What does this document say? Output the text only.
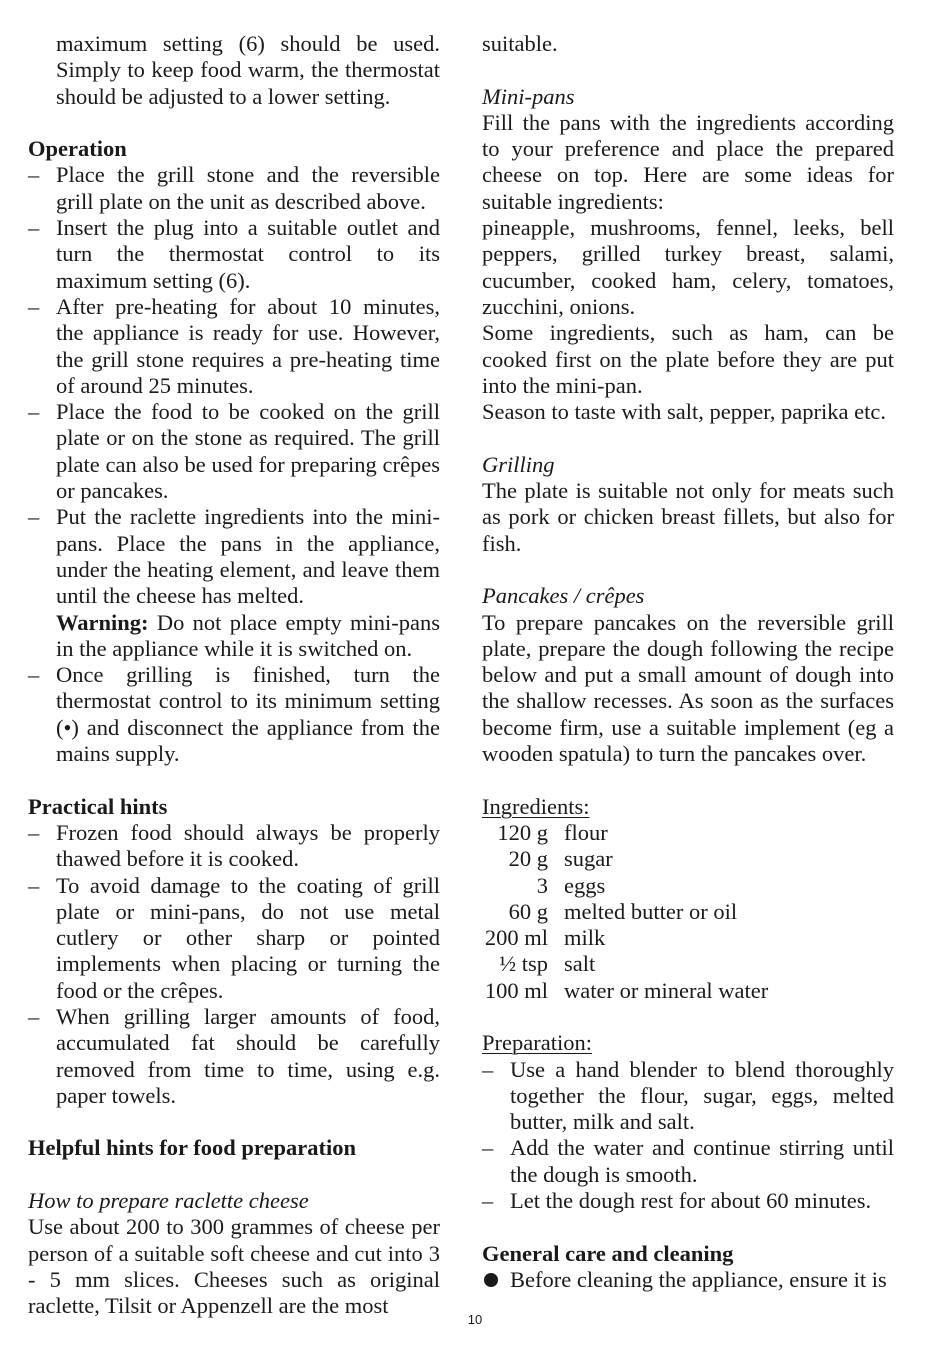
maximum setting (6) should be used. Simply to keep food warm, the thermostat should be adjusted to a lower setting.

Operation

– Place the grill stone and the reversible grill plate on the unit as described above.
– Insert the plug into a suitable outlet and turn the thermostat control to its maximum setting (6).
– After pre-heating for about 10 minutes, the appliance is ready for use. However, the grill stone requires a pre-heating time of around 25 minutes.
– Place the food to be cooked on the grill plate or on the stone as required. The grill plate can also be used for preparing crêpes or pancakes.
– Put the raclette ingredients into the mini-pans. Place the pans in the appliance, under the heating element, and leave them until the cheese has melted.

Warning: Do not place empty mini-pans in the appliance while it is switched on.

– Once grilling is finished, turn the thermostat control to its minimum setting (•) and disconnect the appliance from the mains supply.

Practical hints

– Frozen food should always be properly thawed before it is cooked.
– To avoid damage to the coating of grill plate or mini-pans, do not use metal cutlery or other sharp or pointed implements when placing or turning the food or the crêpes.
– When grilling larger amounts of food, accumulated fat should be carefully removed from time to time, using e.g. paper towels.

Helpful hints for food preparation

How to prepare raclette cheese

Use about 200 to 300 grammes of cheese per person of a suitable soft cheese and cut into 3 - 5 mm slices. Cheeses such as original raclette, Tilsit or Appenzell are the most

suitable.

Mini-pans

Fill the pans with the ingredients according to your preference and place the prepared cheese on top. Here are some ideas for suitable ingredients:

pineapple, mushrooms, fennel, leeks, bell peppers, grilled turkey breast, salami, cucumber, cooked ham, celery, tomatoes, zucchini, onions.

Some ingredients, such as ham, can be cooked first on the plate before they are put into the mini-pan.

Season to taste with salt, pepper, paprika etc.

Grilling

The plate is suitable not only for meats such as pork or chicken breast fillets, but also for fish.

Pancakes / crêpes

To prepare pancakes on the reversible grill plate, prepare the dough following the recipe below and put a small amount of dough into the shallow recesses. As soon as the surfaces become firm, use a suitable implement (eg a wooden spatula) to turn the pancakes over.

Ingredients:

120 g	flour
20 g	sugar
3	eggs
60 g	melted butter or oil
200 ml	milk
½ tsp	salt
100 ml	water or mineral water

Preparation:

– Use a hand blender to blend thoroughly together the flour, sugar, eggs, melted butter, milk and salt.
– Add the water and continue stirring until the dough is smooth.
– Let the dough rest for about 60 minutes.

General care and cleaning

Before cleaning the appliance, ensure it is

10
